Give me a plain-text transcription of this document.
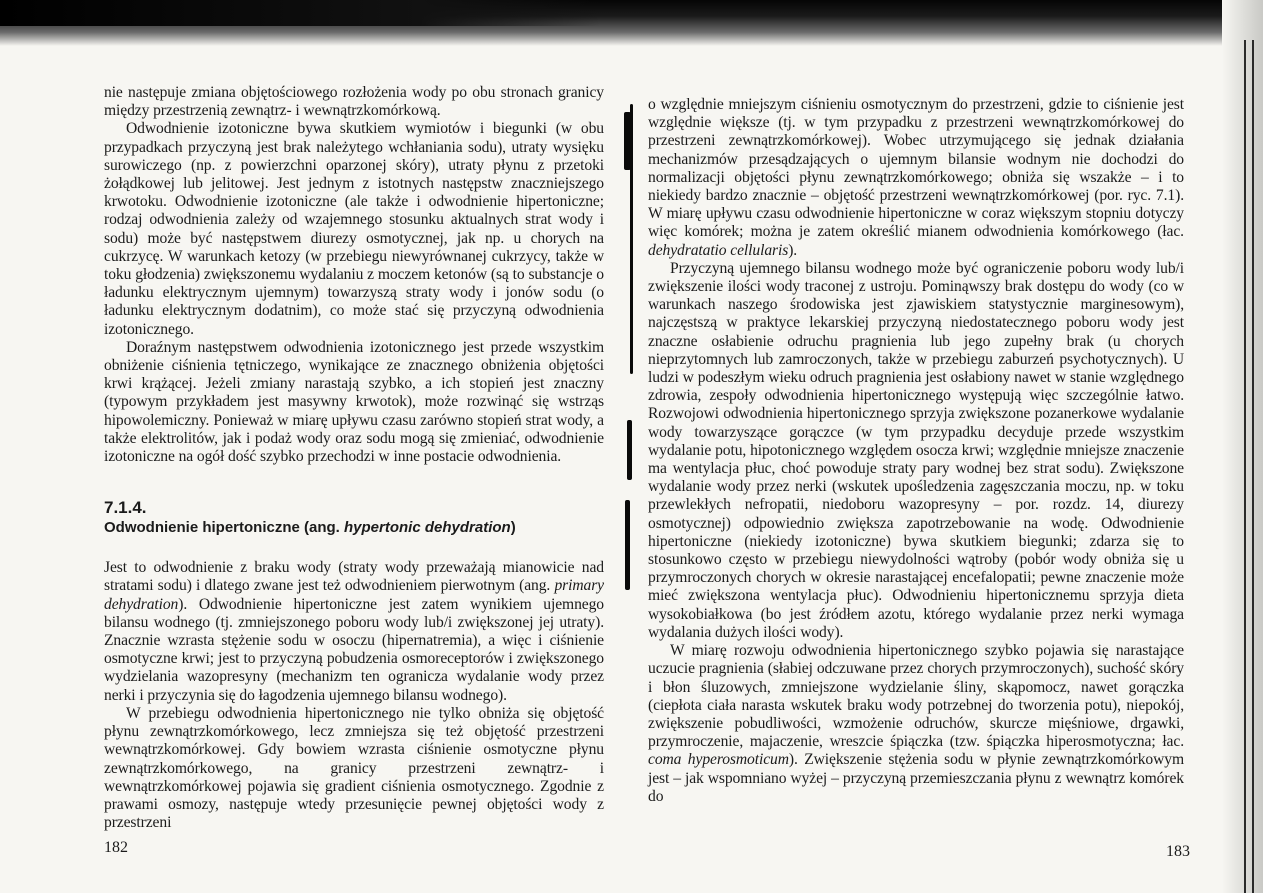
nie następuje zmiana objętościowego rozłożenia wody po obu stronach granicy między przestrzenią zewnątrz- i wewnątrzkomórkową.

Odwodnienie izotoniczne bywa skutkiem wymiotów i biegunki (w obu przypadkach przyczyną jest brak należytego wchłaniania sodu), utraty wysięku surowiczego (np. z powierzchni oparzonej skóry), utraty płynu z przetoki żołądkowej lub jelitowej. Jest jednym z istotnych następstw znaczniejszego krwotoku. Odwodnienie izotoniczne (ale także i odwodnienie hipertoniczne; rodzaj odwodnienia zależy od wzajemnego stosunku aktualnych strat wody i sodu) może być następstwem diurezy osmotycznej, jak np. u chorych na cukrzycę. W warunkach ketozy (w przebiegu niewyrównanej cukrzycy, także w toku głodzenia) zwiększonemu wydalaniu z moczem ketonów (są to substancje o ładunku elektrycznym ujemnym) towarzyszą straty wody i jonów sodu (o ładunku elektrycznym dodatnim), co może stać się przyczyną odwodnienia izotonicznego.

Doraźnym następstwem odwodnienia izotonicznego jest przede wszystkim obniżenie ciśnienia tętniczego, wynikające ze znacznego obniżenia objętości krwi krążącej. Jeżeli zmiany narastają szybko, a ich stopień jest znaczny (typowym przykładem jest masywny krwotok), może rozwinąć się wstrząs hipowolemiczny. Ponieważ w miarę upływu czasu zarówno stopień strat wody, a także elektrolitów, jak i podaż wody oraz sodu mogą się zmieniać, odwodnienie izotoniczne na ogół dość szybko przechodzi w inne postacie odwodnienia.

7.1.4.
Odwodnienie hipertoniczne (ang. hypertonic dehydration)

Jest to odwodnienie z braku wody (straty wody przeważają mianowicie nad stratami sodu) i dlatego zwane jest też odwodnieniem pierwotnym (ang. primary dehydration). Odwodnienie hipertoniczne jest zatem wynikiem ujemnego bilansu wodnego (tj. zmniejszonego poboru wody lub/i zwiększonej jej utraty). Znacznie wzrasta stężenie sodu w osoczu (hipernatremia), a więc i ciśnienie osmotyczne krwi; jest to przyczyną pobudzenia osmoreceptorów i zwiększonego wydzielania wazopresyny (mechanizm ten ogranicza wydalanie wody przez nerki i przyczynia się do łagodzenia ujemnego bilansu wodnego).

W przebiegu odwodnienia hipertonicznego nie tylko obniża się objętość płynu zewnątrzkomórkowego, lecz zmniejsza się też objętość przestrzeni wewnątrzkomórkowej. Gdy bowiem wzrasta ciśnienie osmotyczne płynu zewnątrzkomórkowego, na granicy przestrzeni zewnątrz- i wewnątrzkomórkowej pojawia się gradient ciśnienia osmotycznego. Zgodnie z prawami osmozy, następuje wtedy przesunięcie pewnej objętości wody z przestrzeni

182

o względnie mniejszym ciśnieniu osmotycznym do przestrzeni, gdzie to ciśnienie jest względnie większe (tj. w tym przypadku z przestrzeni wewnątrzkomórkowej do przestrzeni zewnątrzkomórkowej). Wobec utrzymującego się jednak działania mechanizmów przesądzających o ujemnym bilansie wodnym nie dochodzi do normalizacji objętości płynu zewnątrzkomórkowego; obniża się wszakże – i to niekiedy bardzo znacznie – objętość przestrzeni wewnątrzkomórkowej (por. ryc. 7.1). W miarę upływu czasu odwodnienie hipertoniczne w coraz większym stopniu dotyczy więc komórek; można je zatem określić mianem odwodnienia komórkowego (łac. dehydratatio cellularis).

Przyczyną ujemnego bilansu wodnego może być ograniczenie poboru wody lub/i zwiększenie ilości wody traconej z ustroju. Pominąwszy brak dostępu do wody (co w warunkach naszego środowiska jest zjawiskiem statystycznie marginesowym), najczęstszą w praktyce lekarskiej przyczyną niedostatecznego poboru wody jest znaczne osłabienie odruchu pragnienia lub jego zupełny brak (u chorych nieprzytomnych lub zamroczonych, także w przebiegu zaburzeń psychotycznych). U ludzi w podeszłym wieku odruch pragnienia jest osłabiony nawet w stanie względnego zdrowia, zespoły odwodnienia hipertonicznego występują więc szczególnie łatwo. Rozwojowi odwodnienia hipertonicznego sprzyja zwiększone pozanerkowe wydalanie wody towarzyszące gorączce (w tym przypadku decyduje przede wszystkim wydalanie potu, hipotonicznego względem osocza krwi; względnie mniejsze znaczenie ma wentylacja płuc, choć powoduje straty pary wodnej bez strat sodu). Zwiększone wydalanie wody przez nerki (wskutek upośledzenia zagęszczania moczu, np. w toku przewlekłych nefropatii, niedoboru wazopresyny – por. rozdz. 14, diurezy osmotycznej) odpowiednio zwiększa zapotrzebowanie na wodę. Odwodnienie hipertoniczne (niekiedy izotoniczne) bywa skutkiem biegunki; zdarza się to stosunkowo często w przebiegu niewydolności wątroby (pobór wody obniża się u przymroczonych chorych w okresie narastającej encefalopatii; pewne znaczenie może mieć zwiększona wentylacja płuc). Odwodnieniu hipertonicznemu sprzyja dieta wysokobiałkowa (bo jest źródłem azotu, którego wydalanie przez nerki wymaga wydalania dużych ilości wody).

W miarę rozwoju odwodnienia hipertonicznego szybko pojawia się narastające uczucie pragnienia (słabiej odczuwane przez chorych przymroczonych), suchość skóry i błon śluzowych, zmniejszone wydzielanie śliny, skąpomocz, nawet gorączka (ciepłota ciała narasta wskutek braku wody potrzebnej do tworzenia potu), niepokój, zwiększenie pobudliwości, wzmożenie odruchów, skurcze mięśniowe, drgawki, przymroczenie, majaczenie, wreszcie śpiączka (tzw. śpiączka hiperosmotyczna; łac. coma hyperosmoticum). Zwiększenie stężenia sodu w płynie zewnątrzkomórkowym jest – jak wspomniano wyżej – przyczyną przemieszczania płynu z wewnątrz komórek do

183
